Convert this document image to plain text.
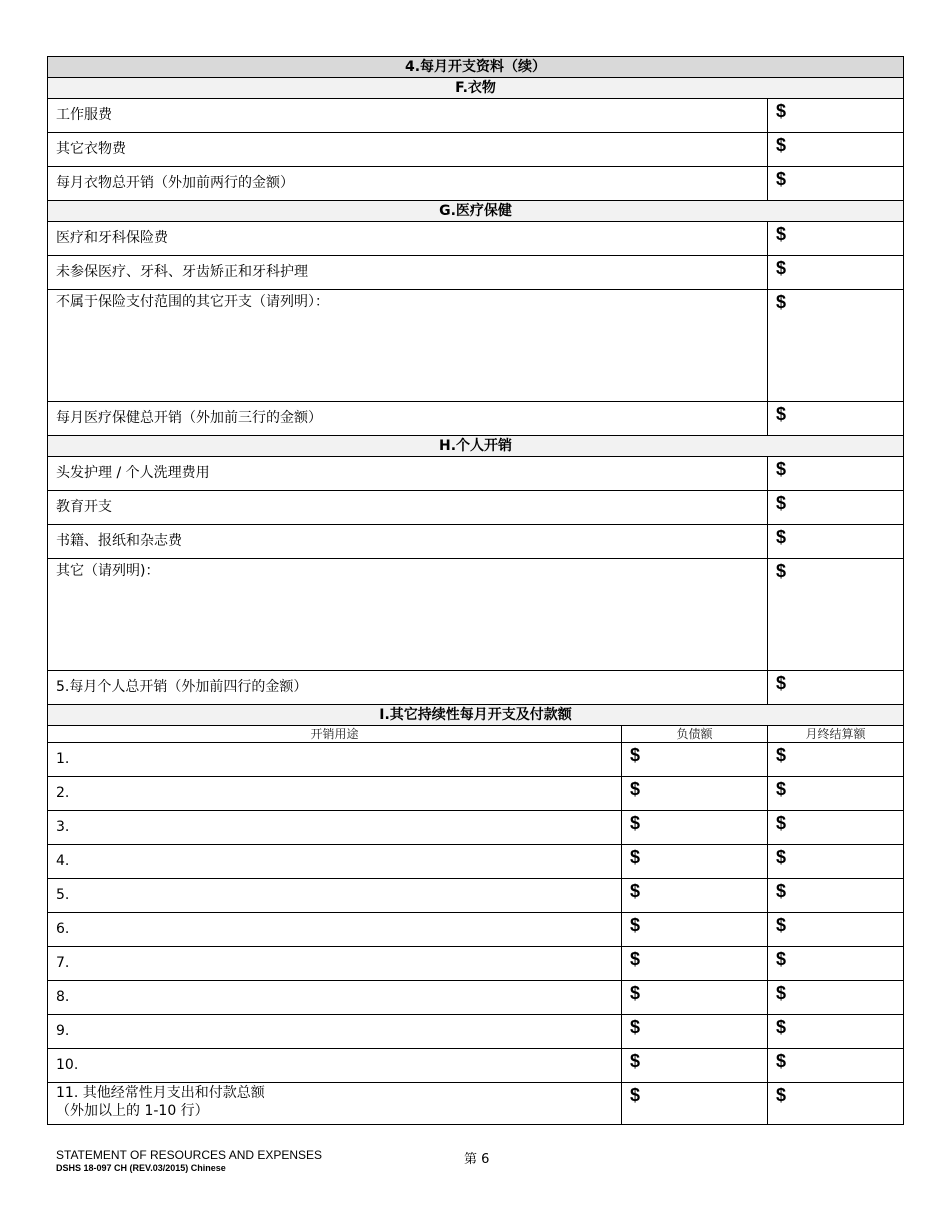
4.每月开支资料（续）		
F.衣物		
工作服费		$
其它衣物费		$
每月衣物总开销（外加前两行的金额）		$
G.医疗保健		
医疗和牙科保险费		$
未参保医疗、牙科、牙齿矫正和牙科护理		$
不属于保险支付范围的其它开支（请列明）：		$
每月医疗保健总开销（外加前三行的金额）		$
H.个人开销		
头发护理 / 个人洗理费用		$
教育开支		$
书籍、报纸和杂志费		$
其它（请列明)：		$
5.每月个人总开销（外加前四行的金额）		$
I.其它持续性每月开支及付款额		
开销用途	负债额	月终结算额
1.	$	$
2.	$	$
3.	$	$
4.	$	$
5.	$	$
6.	$	$
7.	$	$
8.	$	$
9.	$	$
10.	$	$

11. 其他经常性月支出和付款总额
（外加以上的 1-10 行）	$	$
STATEMENT OF RESOURCES AND EXPENSES
DSHS 18-097 CH (REV.03/2015) Chinese
第 6
